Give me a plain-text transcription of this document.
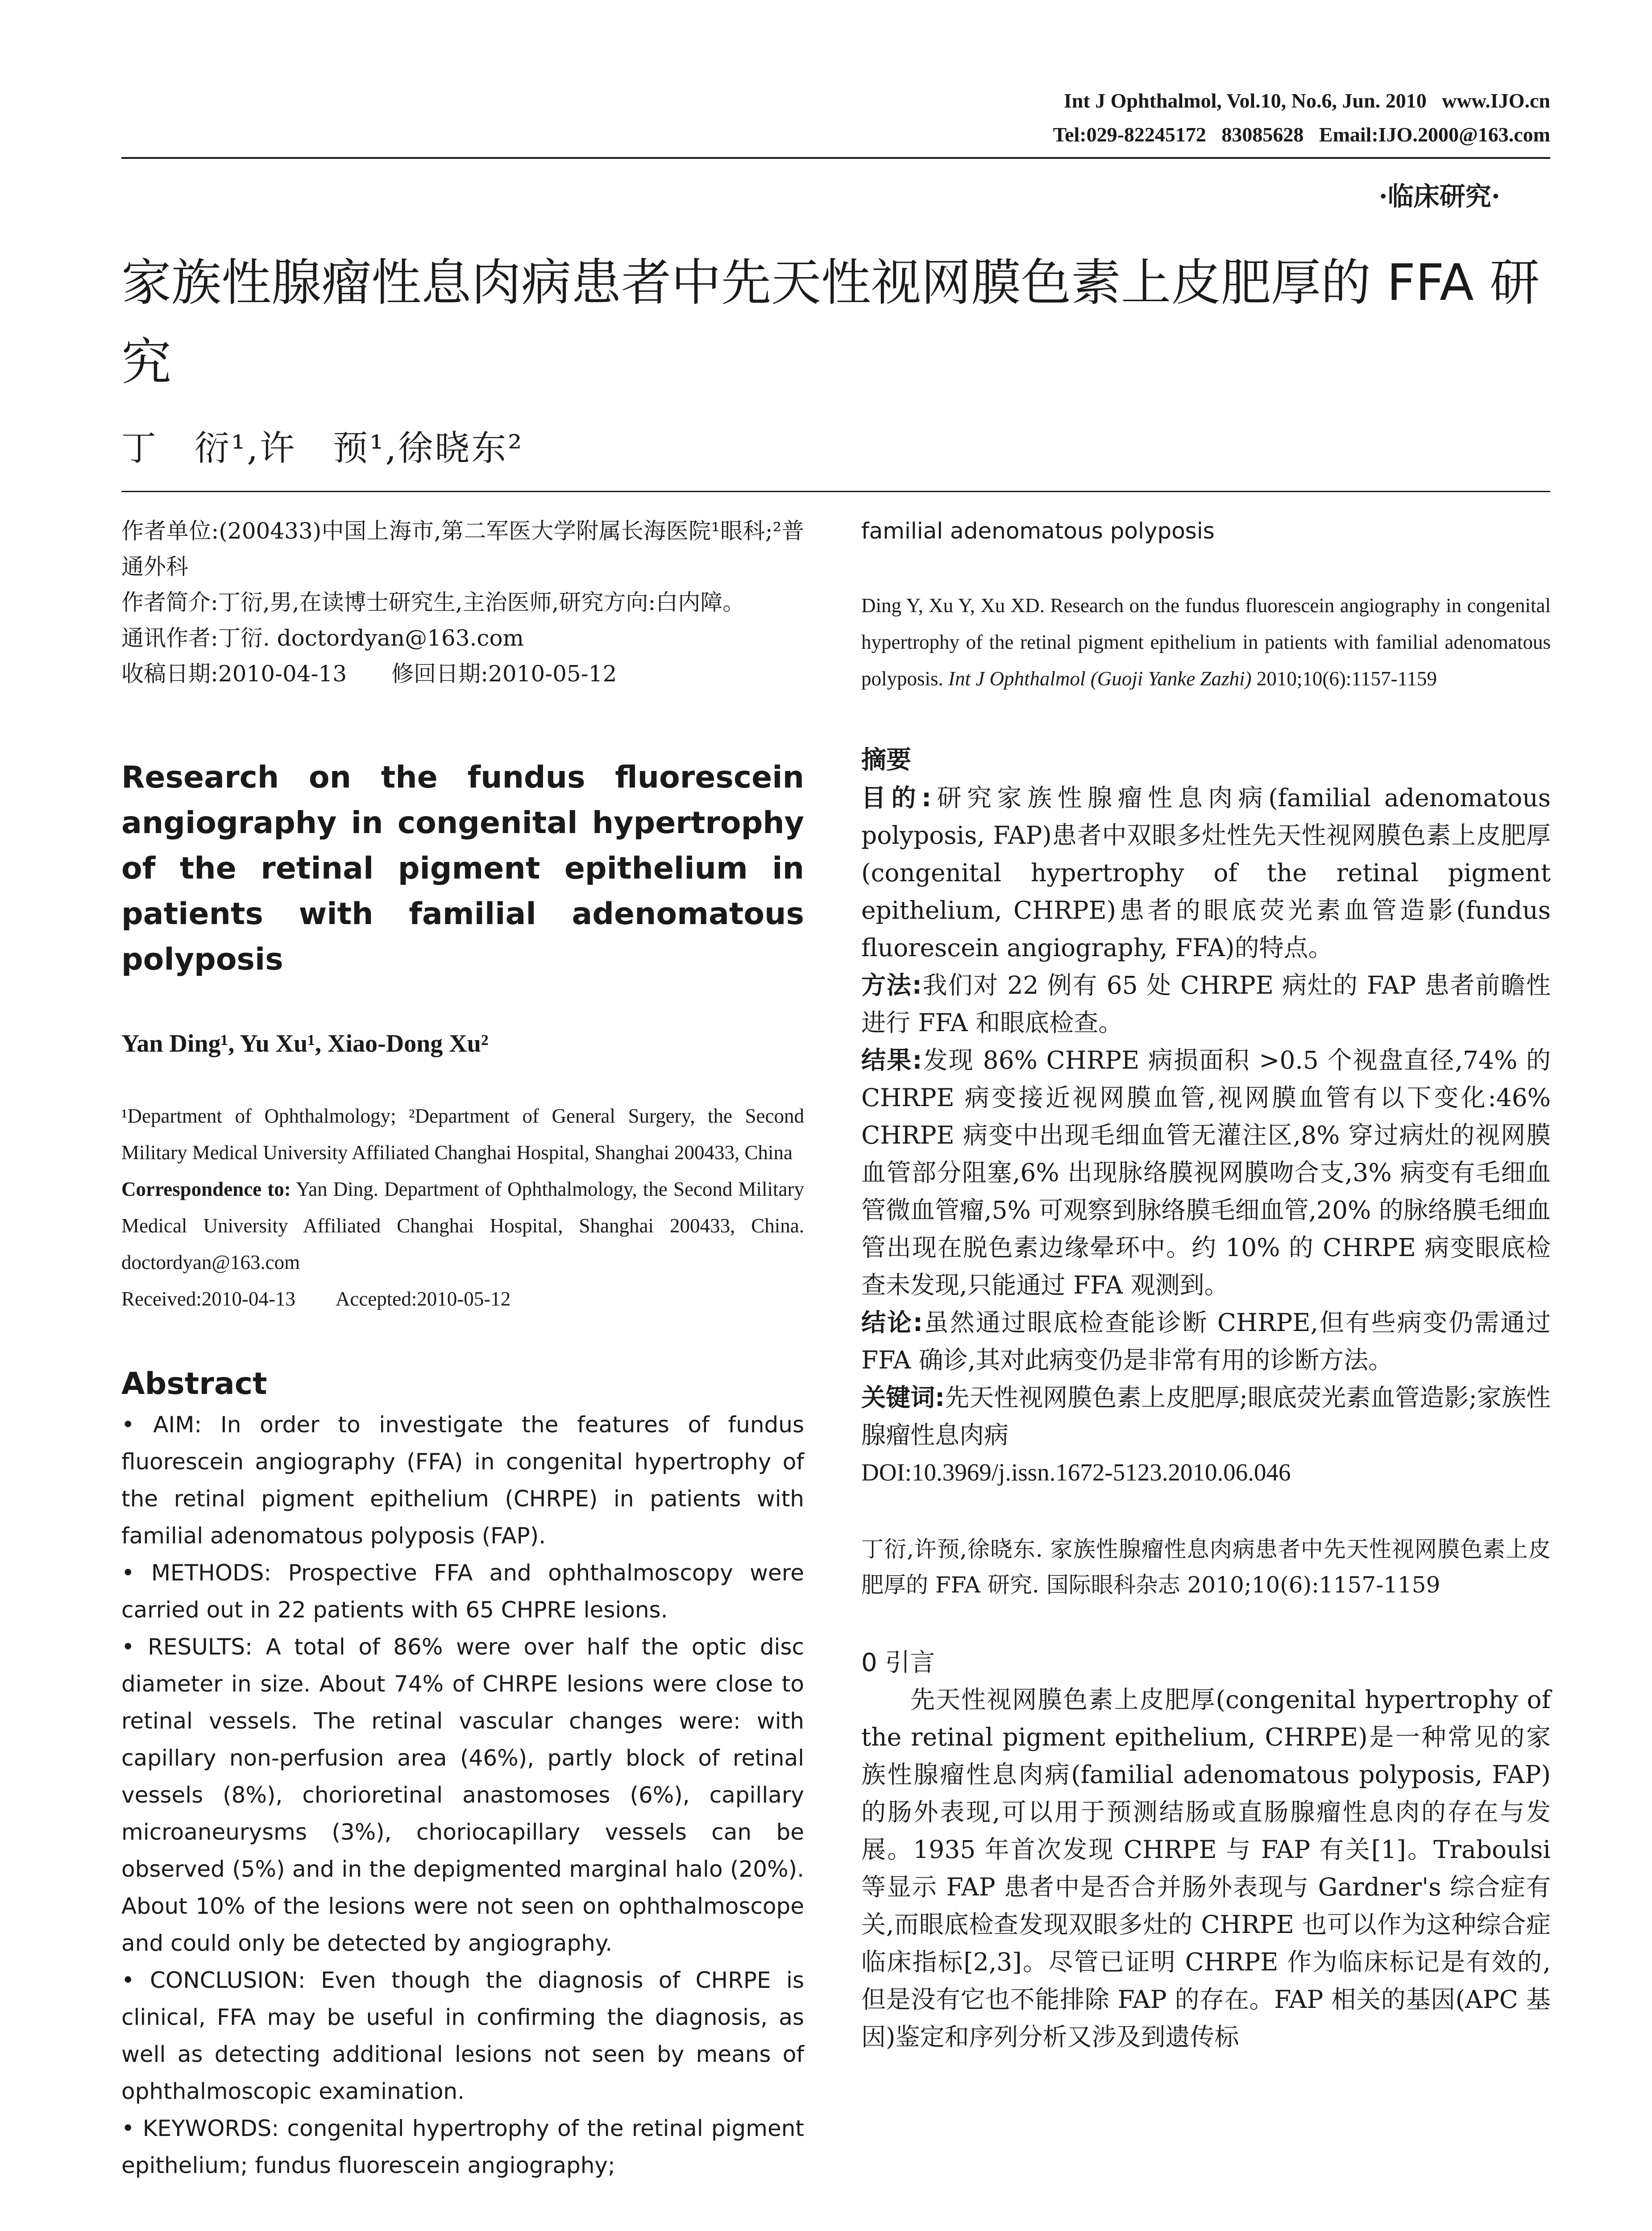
Int J Ophthalmol, Vol.10, No.6, Jun. 2010   www.IJO.cn
Tel:029-82245172   83085628   Email:IJO.2000@163.com
·临床研究·
家族性腺瘤性息肉病患者中先天性视网膜色素上皮肥厚的 FFA 研究
丁　衍¹,许　预¹,徐晓东²

作者单位:(200433)中国上海市,第二军医大学附属长海医院¹眼科;²普通外科

作者简介:丁衍,男,在读博士研究生,主治医师,研究方向:白内障。

通讯作者:丁衍. doctordyan@163.com

收稿日期:2010-04-13　　修回日期:2010-05-12

Research on the fundus fluorescein angiography in congenital hypertrophy of the retinal pigment epithelium in patients with familial adenomatous polyposis
Yan Ding¹, Yu Xu¹, Xiao-Dong Xu²
¹Department of Ophthalmology; ²Department of General Surgery, the Second Military Medical University Affiliated Changhai Hospital, Shanghai 200433, China
Correspondence to: Yan Ding. Department of Ophthalmology, the Second Military Medical University Affiliated Changhai Hospital, Shanghai 200433, China. doctordyan@163.com
Received:2010-04-13　　Accepted:2010-05-12
Abstract

• AIM: In order to investigate the features of fundus fluorescein angiography (FFA) in congenital hypertrophy of the retinal pigment epithelium (CHRPE) in patients with familial adenomatous polyposis (FAP).

• METHODS: Prospective FFA and ophthalmoscopy were carried out in 22 patients with 65 CHPRE lesions.

• RESULTS: A total of 86% were over half the optic disc diameter in size. About 74% of CHRPE lesions were close to retinal vessels. The retinal vascular changes were: with capillary non-perfusion area (46%), partly block of retinal vessels (8%), chorioretinal anastomoses (6%), capillary microaneurysms (3%), choriocapillary vessels can be observed (5%) and in the depigmented marginal halo (20%). About 10% of the lesions were not seen on ophthalmoscope and could only be detected by angiography.

• CONCLUSION: Even though the diagnosis of CHRPE is clinical, FFA may be useful in confirming the diagnosis, as well as detecting additional lesions not seen by means of ophthalmoscopic examination.

• KEYWORDS: congenital hypertrophy of the retinal pigment epithelium; fundus fluorescein angiography;

familial adenomatous polyposis
Ding Y, Xu Y, Xu XD. Research on the fundus fluorescein angiography in congenital hypertrophy of the retinal pigment epithelium in patients with familial adenomatous polyposis. Int J Ophthalmol (Guoji Yanke Zazhi) 2010;10(6):1157-1159
摘要

目的:研究家族性腺瘤性息肉病(familial adenomatous polyposis, FAP)患者中双眼多灶性先天性视网膜色素上皮肥厚(congenital hypertrophy of the retinal pigment epithelium, CHRPE)患者的眼底荧光素血管造影(fundus fluorescein angiography, FFA)的特点。

方法:我们对 22 例有 65 处 CHRPE 病灶的 FAP 患者前瞻性进行 FFA 和眼底检查。

结果:发现 86% CHRPE 病损面积 >0.5 个视盘直径,74% 的 CHRPE 病变接近视网膜血管,视网膜血管有以下变化:46% CHRPE 病变中出现毛细血管无灌注区,8% 穿过病灶的视网膜血管部分阻塞,6% 出现脉络膜视网膜吻合支,3% 病变有毛细血管微血管瘤,5% 可观察到脉络膜毛细血管,20% 的脉络膜毛细血管出现在脱色素边缘晕环中。约 10% 的 CHRPE 病变眼底检查未发现,只能通过 FFA 观测到。

结论:虽然通过眼底检查能诊断 CHRPE,但有些病变仍需通过 FFA 确诊,其对此病变仍是非常有用的诊断方法。

关键词:先天性视网膜色素上皮肥厚;眼底荧光素血管造影;家族性腺瘤性息肉病

DOI:10.3969/j.issn.1672-5123.2010.06.046

丁衍,许预,徐晓东. 家族性腺瘤性息肉病患者中先天性视网膜色素上皮肥厚的 FFA 研究. 国际眼科杂志 2010;10(6):1157-1159
0 引言
先天性视网膜色素上皮肥厚(congenital hypertrophy of the retinal pigment epithelium, CHRPE)是一种常见的家族性腺瘤性息肉病(familial adenomatous polyposis, FAP)的肠外表现,可以用于预测结肠或直肠腺瘤性息肉的存在与发展。1935 年首次发现 CHRPE 与 FAP 有关[1]。Traboulsi 等显示 FAP 患者中是否合并肠外表现与 Gardner's 综合症有关,而眼底检查发现双眼多灶的 CHRPE 也可以作为这种综合症临床指标[2,3]。尽管已证明 CHRPE 作为临床标记是有效的,但是没有它也不能排除 FAP 的存在。FAP 相关的基因(APC 基因)鉴定和序列分析又涉及到遗传标
